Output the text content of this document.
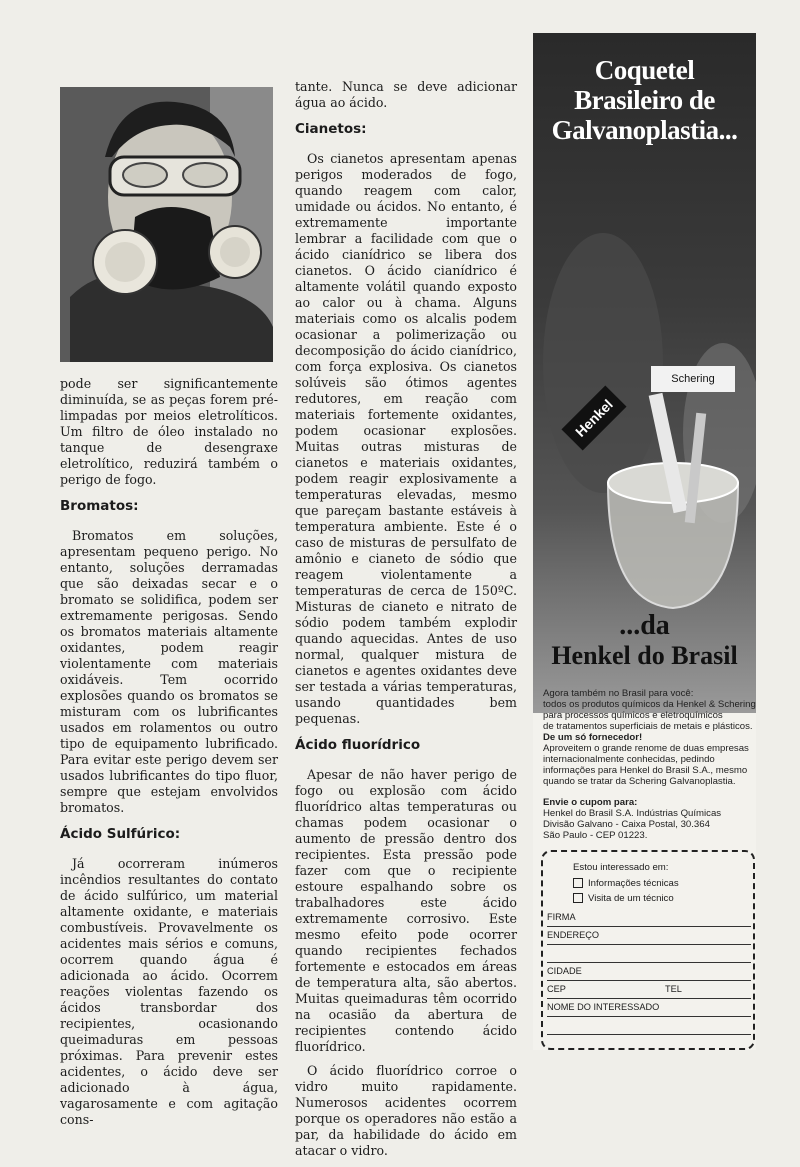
pode ser significantemente diminuída, se as peças forem pré-limpadas por meios eletrolíticos. Um filtro de óleo instalado no tanque de desengraxe eletrolítico, reduzirá também o perigo de fogo.

Bromatos:

Bromatos em soluções, apresentam pequeno perigo. No entanto, soluções derramadas que são deixadas secar e o bromato se solidifica, podem ser extremamente perigosas. Sendo os bromatos materiais altamente oxidantes, podem reagir violentamente com materiais oxidáveis. Tem ocorrido explosões quando os bromatos se misturam com os lubrificantes usados em rolamentos ou outro tipo de equipamento lubrificado. Para evitar este perigo devem ser usados lubrificantes do tipo fluor, sempre que estejam envolvidos bromatos.

Ácido Sulfúrico:

Já ocorreram inúmeros incêndios resultantes do contato de ácido sulfúrico, um material altamente oxidante, e materiais combustíveis. Provavelmente os acidentes mais sérios e comuns, ocorrem quando água é adicionada ao ácido. Ocorrem reações violentas fazendo os ácidos transbordar dos recipientes, ocasionando queimaduras em pessoas próximas. Para prevenir estes acidentes, o ácido deve ser adicionado à água, vagarosamente e com agitação cons-

tante. Nunca se deve adicionar água ao ácido.

Cianetos:

Os cianetos apresentam apenas perigos moderados de fogo, quando reagem com calor, umidade ou ácidos. No entanto, é extremamente importante lembrar a facilidade com que o ácido cianídrico se libera dos cianetos. O ácido cianídrico é altamente volátil quando exposto ao calor ou à chama. Alguns materiais como os alcalis podem ocasionar a polimerização ou decomposição do ácido cianídrico, com força explosiva. Os cianetos solúveis são ótimos agentes redutores, em reação com materiais fortemente oxidantes, podem ocasionar explosões. Muitas outras misturas de cianetos e materiais oxidantes, podem reagir explosivamente a temperaturas elevadas, mesmo que pareçam bastante estáveis à temperatura ambiente. Este é o caso de misturas de persulfato de amônio e cianeto de sódio que reagem violentamente a temperaturas de cerca de 150ºC. Misturas de cianeto e nitrato de sódio podem também explodir quando aquecidas. Antes de uso normal, qualquer mistura de cianetos e agentes oxidantes deve ser testada a várias temperaturas, usando quantidades bem pequenas.

Ácido fluorídrico

Apesar de não haver perigo de fogo ou explosão com ácido fluorídrico altas temperaturas ou chamas podem ocasionar o aumento de pressão dentro dos recipientes. Esta pressão pode fazer com que o recipiente estoure espalhando sobre os trabalhadores este ácido extremamente corrosivo. Este mesmo efeito pode ocorrer quando recipientes fechados fortemente e estocados em áreas de temperatura alta, são abertos. Muitas queimaduras têm ocorrido na ocasião da abertura de recipientes contendo ácido fluorídrico.

O ácido fluorídrico corroe o vidro muito rapidamente. Numerosos acidentes ocorrem porque os operadores não estão a par, da habilidade do ácido em atacar o vidro.

Coquetel
Brasileiro de
Galvanoplastia...
Henkel
Schering
...da
Henkel do Brasil
Agora também no Brasil para você:
todos os produtos químicos da Henkel & Schering
para processos químicos e eletroquímicos
de tratamentos superficiais de metais e plásticos.
De um só fornecedor!
Aproveitem o grande renome de duas empresas
internacionalmente conhecidas, pedindo
informações para Henkel do Brasil S.A., mesmo
quando se tratar da Schering Galvanoplastia.
Envie o cupom para:
Henkel do Brasil S.A. Indústrias Químicas
Divisão Galvano - Caixa Postal, 30.364
São Paulo - CEP 01223.
Estou interessado em:
Informações técnicas
Visita de um técnico
FIRMA
ENDEREÇO
CIDADE
CEP	TEL
NOME DO INTERESSADO
